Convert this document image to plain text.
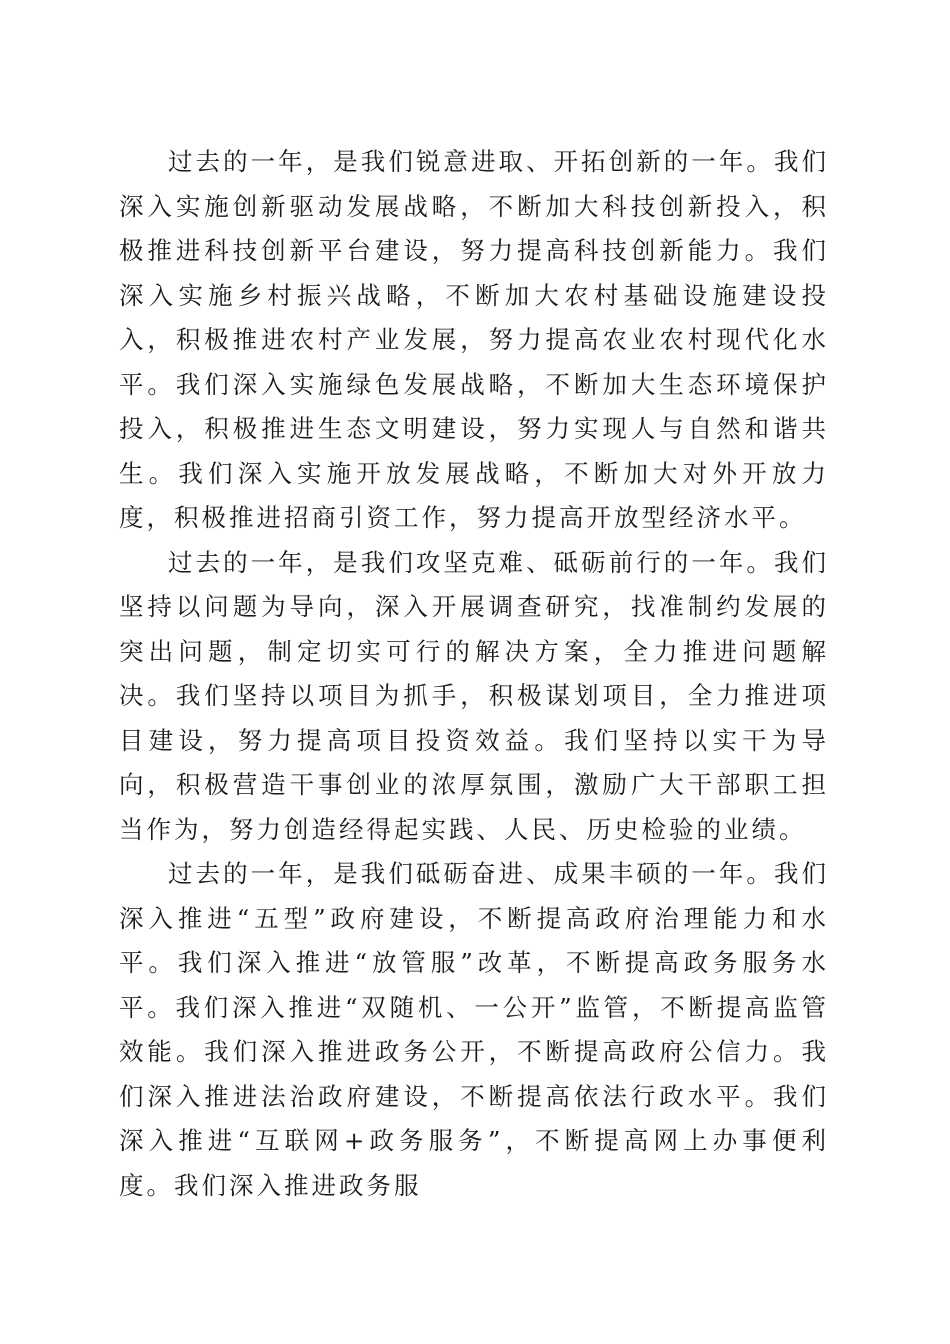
过去的一年，是我们锐意进取、开拓创新的一年。我们深入实施创新驱动发展战略，不断加大科技创新投入，积极推进科技创新平台建设，努力提高科技创新能力。我们深入实施乡村振兴战略，不断加大农村基础设施建设投入，积极推进农村产业发展，努力提高农业农村现代化水平。我们深入实施绿色发展战略，不断加大生态环境保护投入，积极推进生态文明建设，努力实现人与自然和谐共生。我们深入实施开放发展战略，不断加大对外开放力度，积极推进招商引资工作，努力提高开放型经济水平。

过去的一年，是我们攻坚克难、砥砺前行的一年。我们坚持以问题为导向，深入开展调查研究，找准制约发展的突出问题，制定切实可行的解决方案，全力推进问题解决。我们坚持以项目为抓手，积极谋划项目，全力推进项目建设，努力提高项目投资效益。我们坚持以实干为导向，积极营造干事创业的浓厚氛围，激励广大干部职工担当作为，努力创造经得起实践、人民、历史检验的业绩。

过去的一年，是我们砥砺奋进、成果丰硕的一年。我们深入推进“五型”政府建设，不断提高政府治理能力和水平。我们深入推进“放管服”改革，不断提高政务服务水平。我们深入推进“双随机、一公开”监管，不断提高监管效能。我们深入推进政务公开，不断提高政府公信力。我们深入推进法治政府建设，不断提高依法行政水平。我们深入推进“互联网+政务服务”，不断提高网上办事便利度。我们深入推进政务服
